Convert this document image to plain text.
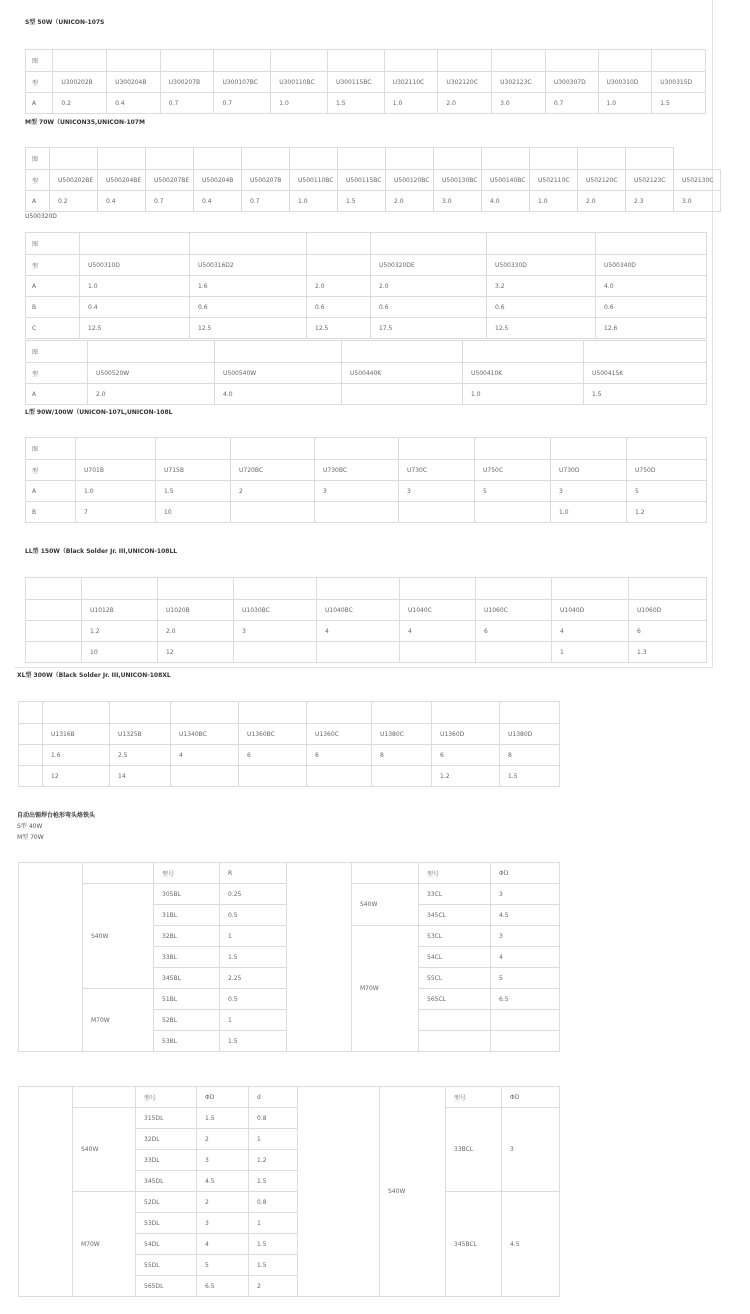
S型 50W（UNICON-107S
图												
型	U300202B	U300204B	U300207B	U300107BC	U300110BC	U300115BC	U302110C	U302120C	U302123C	U300307D	U300310D	U300315D
A	0.2	0.4	0.7	0.7	1.0	1.5	1.0	2.0	3.0	0.7	1.0	1.5
M型 70W（UNICON35,UNICON-107M
图														
型	U500202BE	U500204BE	U500207BE	U500204B	U500207B	U500110BC	U500115BC	U500120BC	U500130BC	U500140BC	U502110C	U502120C	U502123C	U502130C
A	0.2	0.4	0.7	0.4	0.7	1.0	1.5	2.0	3.0	4.0	1.0	2.0	2.3	3.0
U500320D
图						
型	U500310D	U500316D2		U500320DE	U500330D	U500340D
A	1.0	1.6	2.0	2.0	3.2	4.0
B	0.4	0.6	0.6	0.6	0.6	0.6
C	12.5	12.5	12.5	17.5	12.5	12.6
图					
型	U500520W	U500540W	U500440K	U500410K	U500415K
A	2.0	4.0		1.0	1.5
L型 90W/100W（UNICON-107L,UNICON-108L
图								
型	U701B	U715B	U720BC	U730BC	U730C	U750C	U730D	U750D
A	1.0	1.5	2	3	3	5	3	5
B	7	10					1.0	1.2
LL型 150W（Black Solder Jr. III,UNICON-108LL

	U1012B	U1020B	U1030BC	U1040BC	U1040C	U1060C	U1040D	U1060D
	1.2	2.0	3	4	4	6	4	6
	10	12					1	1.3
XL型 300W（Black Solder Jr. III,UNICON-108XL

	U1316B	U1325B	U1340BC	U1360BC	U1360C	U1380C	U1360D	U1380D
	1.6	2.5	4	6	6	8	6	8
	12	14					1.2	1.5
自动出锡焊台枪形弯头烙铁头
S型 40W
M型 70W
		型号	R			型号	ΦD
	S40W	305BL	0.25		S40W	33CL	3
		31BL	0.5			345CL	4.5
		32BL	1		M70W	53CL	3
		33BL	1.5			54CL	4
		345BL	2.25			55CL	5
	M70W	51BL	0.5			565CL	6.5
		52BL	1				
		53BL	1.5				
		型号	ΦD	d		S40W	型号	ΦD	
	S40W	315DL	1.5	0.8			33BCL	3	
		32DL	2	1					
		33DL	3	1.2					
		345DL	4.5	1.5					
	M70W	52DL	2	0.8			345BCL	4.5	
		53DL	3	1					
		54DL	4	1.5					
		55DL	5	1.5					
		565DL	6.5	2					
